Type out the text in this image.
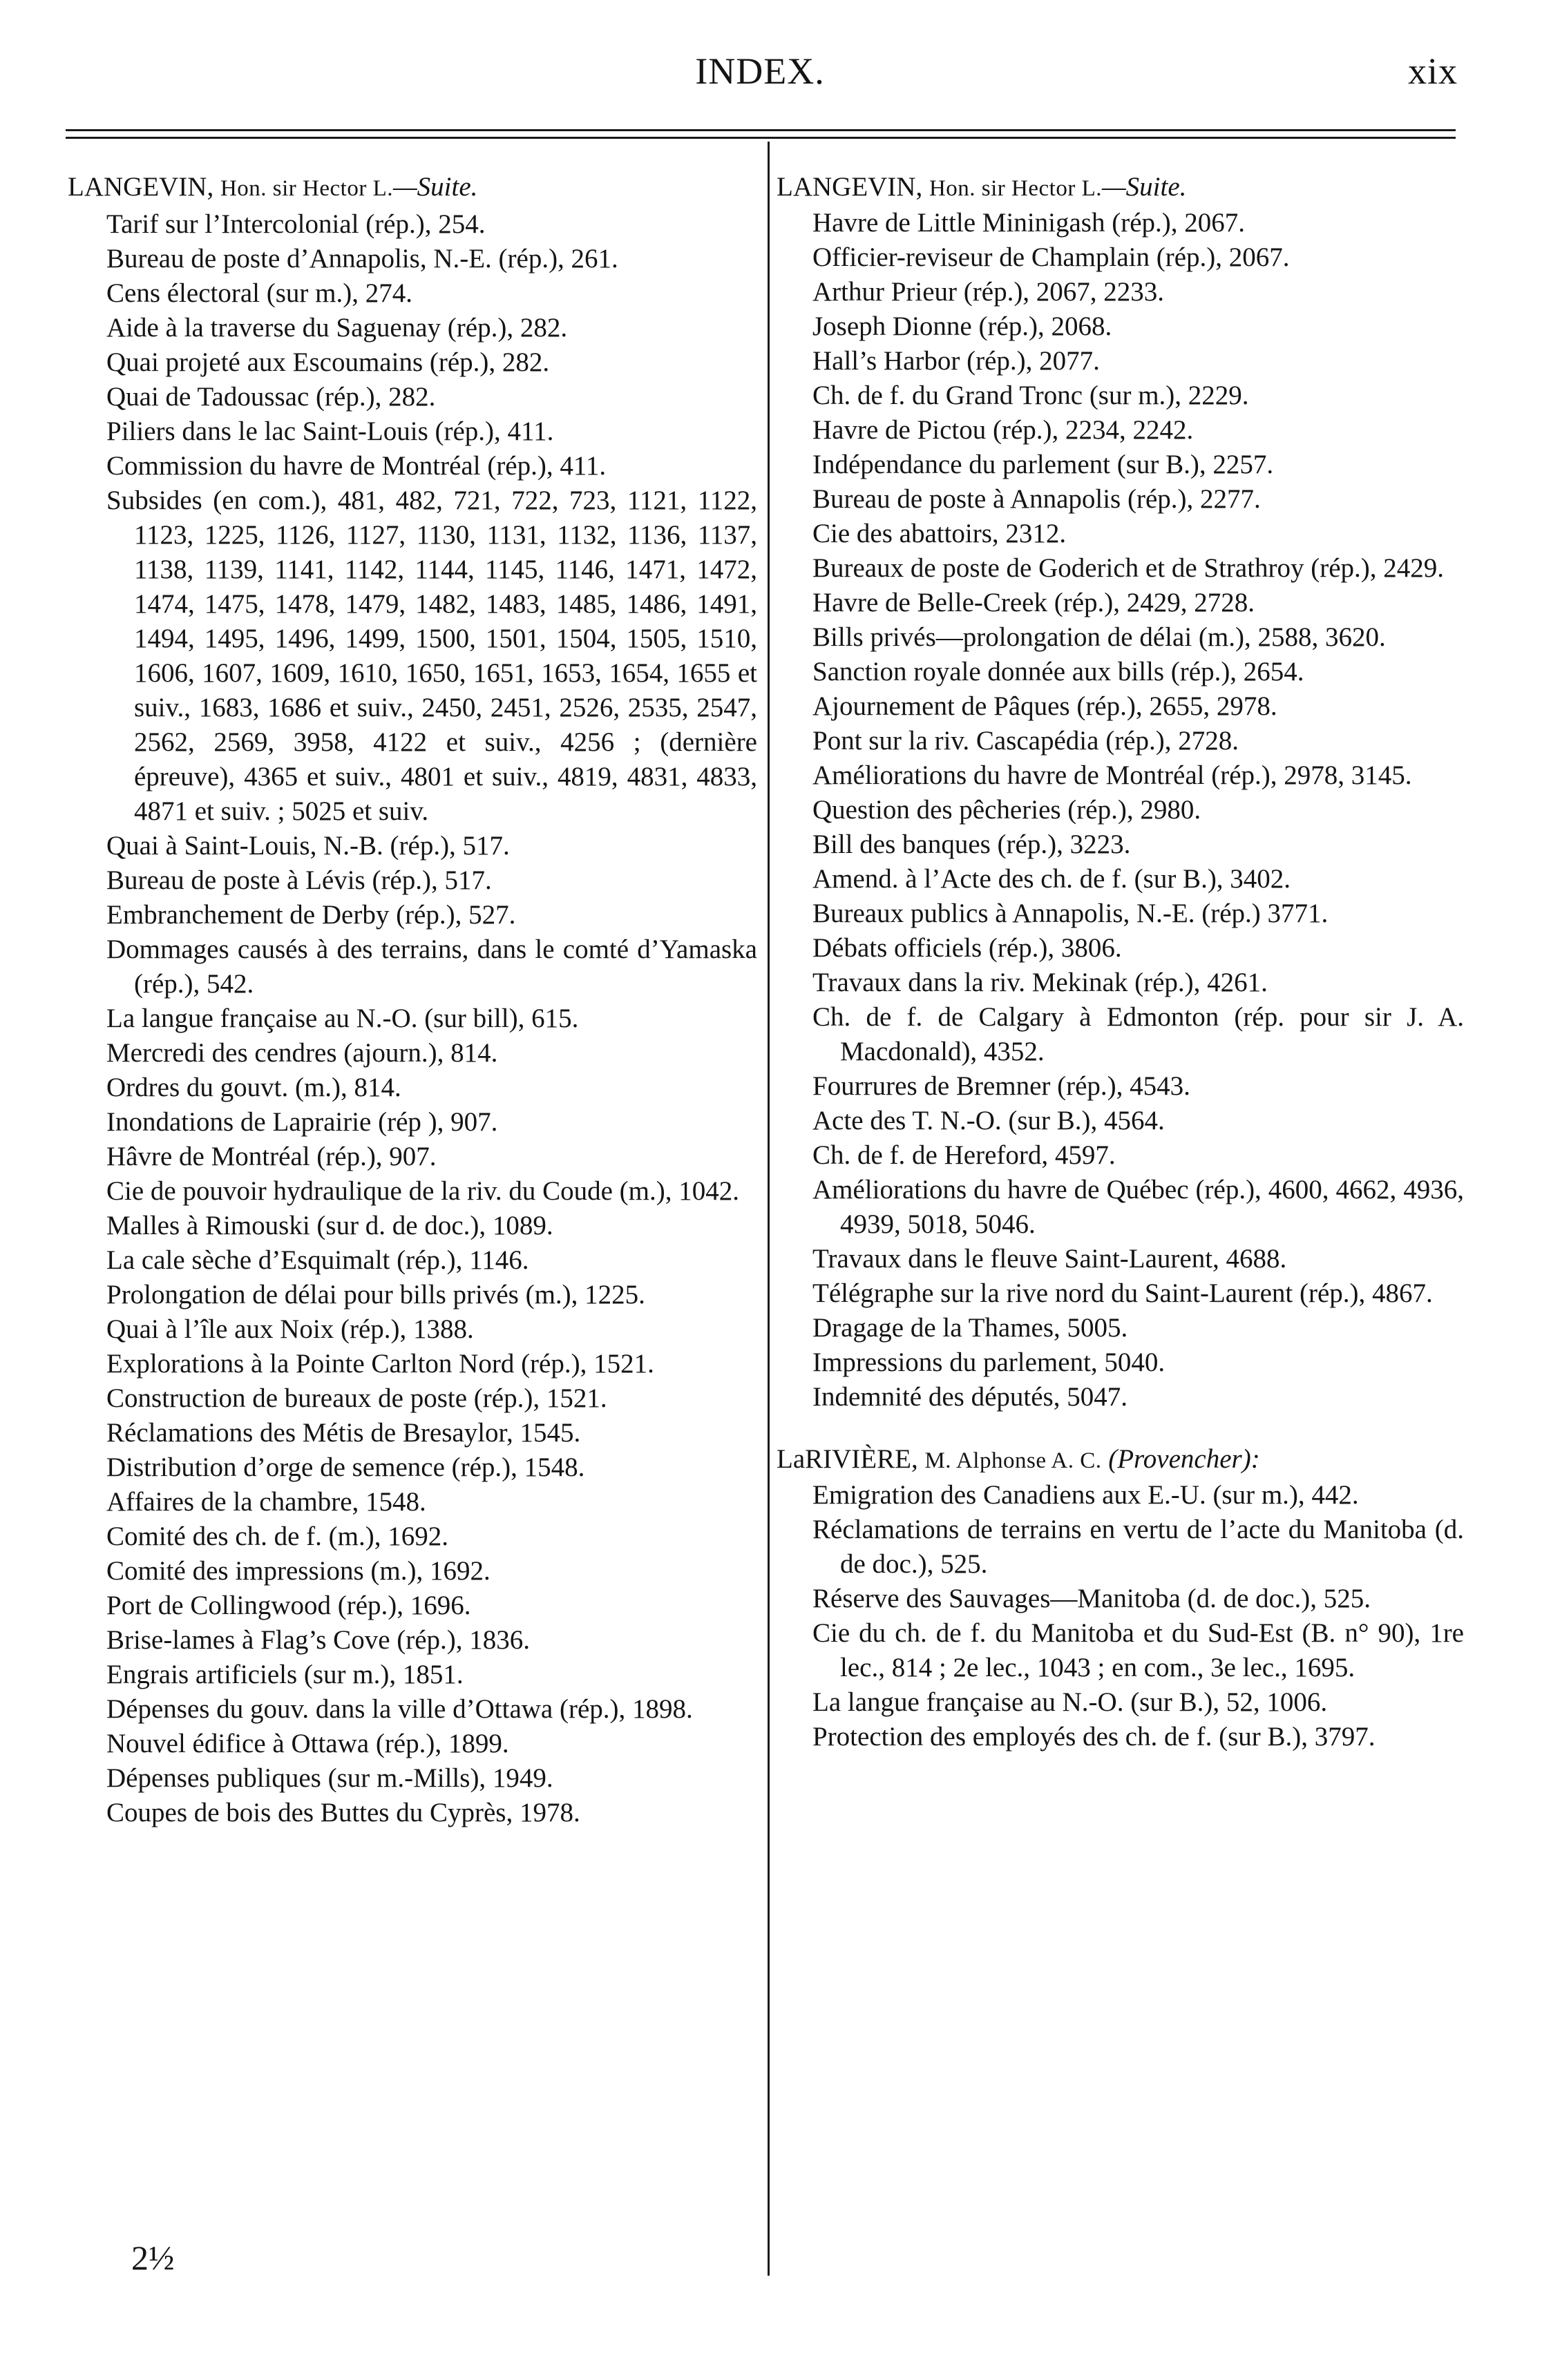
INDEX.	xix

LANGEVIN, Hon. sir Hector L.—Suite.

Tarif sur l’Intercolonial (rép.), 254.
Bureau de poste d’Annapolis, N.-E. (rép.), 261.
Cens électoral (sur m.), 274.
Aide à la traverse du Saguenay (rép.), 282.
Quai projeté aux Escoumains (rép.), 282.
Quai de Tadoussac (rép.), 282.
Piliers dans le lac Saint-Louis (rép.), 411.
Commission du havre de Montréal (rép.), 411.
Subsides (en com.), 481, 482, 721, 722, 723, 1121, 1122, 1123, 1225, 1126, 1127, 1130, 1131, 1132, 1136, 1137, 1138, 1139, 1141, 1142, 1144, 1145, 1146, 1471, 1472, 1474, 1475, 1478, 1479, 1482, 1483, 1485, 1486, 1491, 1494, 1495, 1496, 1499, 1500, 1501, 1504, 1505, 1510, 1606, 1607, 1609, 1610, 1650, 1651, 1653, 1654, 1655 et suiv., 1683, 1686 et suiv., 2450, 2451, 2526, 2535, 2547, 2562, 2569, 3958, 4122 et suiv., 4256 ; (dernière épreuve), 4365 et suiv., 4801 et suiv., 4819, 4831, 4833, 4871 et suiv. ; 5025 et suiv.
Quai à Saint-Louis, N.-B. (rép.), 517.
Bureau de poste à Lévis (rép.), 517.
Embranchement de Derby (rép.), 527.
Dommages causés à des terrains, dans le comté d’Yamaska (rép.), 542.
La langue française au N.-O. (sur bill), 615.
Mercredi des cendres (ajourn.), 814.
Ordres du gouvt. (m.), 814.
Inondations de Laprairie (rép ), 907.
Hâvre de Montréal (rép.), 907.
Cie de pouvoir hydraulique de la riv. du Coude (m.), 1042.
Malles à Rimouski (sur d. de doc.), 1089.
La cale sèche d’Esquimalt (rép.), 1146.
Prolongation de délai pour bills privés (m.), 1225.
Quai à l’île aux Noix (rép.), 1388.
Explorations à la Pointe Carlton Nord (rép.), 1521.
Construction de bureaux de poste (rép.), 1521.
Réclamations des Métis de Bresaylor, 1545.
Distribution d’orge de semence (rép.), 1548.
Affaires de la chambre, 1548.
Comité des ch. de f. (m.), 1692.
Comité des impressions (m.), 1692.
Port de Collingwood (rép.), 1696.
Brise-lames à Flag’s Cove (rép.), 1836.
Engrais artificiels (sur m.), 1851.
Dépenses du gouv. dans la ville d’Ottawa (rép.), 1898.
Nouvel édifice à Ottawa (rép.), 1899.
Dépenses publiques (sur m.-Mills), 1949.
Coupes de bois des Buttes du Cyprès, 1978.

LANGEVIN, Hon. sir Hector L.—Suite.

Havre de Little Mininigash (rép.), 2067.
Officier-reviseur de Champlain (rép.), 2067.
Arthur Prieur (rép.), 2067, 2233.
Joseph Dionne (rép.), 2068.
Hall’s Harbor (rép.), 2077.
Ch. de f. du Grand Tronc (sur m.), 2229.
Havre de Pictou (rép.), 2234, 2242.
Indépendance du parlement (sur B.), 2257.
Bureau de poste à Annapolis (rép.), 2277.
Cie des abattoirs, 2312.
Bureaux de poste de Goderich et de Strathroy (rép.), 2429.
Havre de Belle-Creek (rép.), 2429, 2728.
Bills privés—prolongation de délai (m.), 2588, 3620.
Sanction royale donnée aux bills (rép.), 2654.
Ajournement de Pâques (rép.), 2655, 2978.
Pont sur la riv. Cascapédia (rép.), 2728.
Améliorations du havre de Montréal (rép.), 2978, 3145.
Question des pêcheries (rép.), 2980.
Bill des banques (rép.), 3223.
Amend. à l’Acte des ch. de f. (sur B.), 3402.
Bureaux publics à Annapolis, N.-E. (rép.) 3771.
Débats officiels (rép.), 3806.
Travaux dans la riv. Mekinak (rép.), 4261.
Ch. de f. de Calgary à Edmonton (rép. pour sir J. A. Macdonald), 4352.
Fourrures de Bremner (rép.), 4543.
Acte des T. N.-O. (sur B.), 4564.
Ch. de f. de Hereford, 4597.
Améliorations du havre de Québec (rép.), 4600, 4662, 4936, 4939, 5018, 5046.
Travaux dans le fleuve Saint-Laurent, 4688.
Télégraphe sur la rive nord du Saint-Laurent (rép.), 4867.
Dragage de la Thames, 5005.
Impressions du parlement, 5040.
Indemnité des députés, 5047.

LaRIVIÈRE, M. Alphonse A. C. (Provencher):

Emigration des Canadiens aux E.-U. (sur m.), 442.
Réclamations de terrains en vertu de l’acte du Manitoba (d. de doc.), 525.
Réserve des Sauvages—Manitoba (d. de doc.), 525.
Cie du ch. de f. du Manitoba et du Sud-Est (B. n° 90), 1re lec., 814 ; 2e lec., 1043 ; en com., 3e lec., 1695.
La langue française au N.-O. (sur B.), 52, 1006.
Protection des employés des ch. de f. (sur B.), 3797.
2½
